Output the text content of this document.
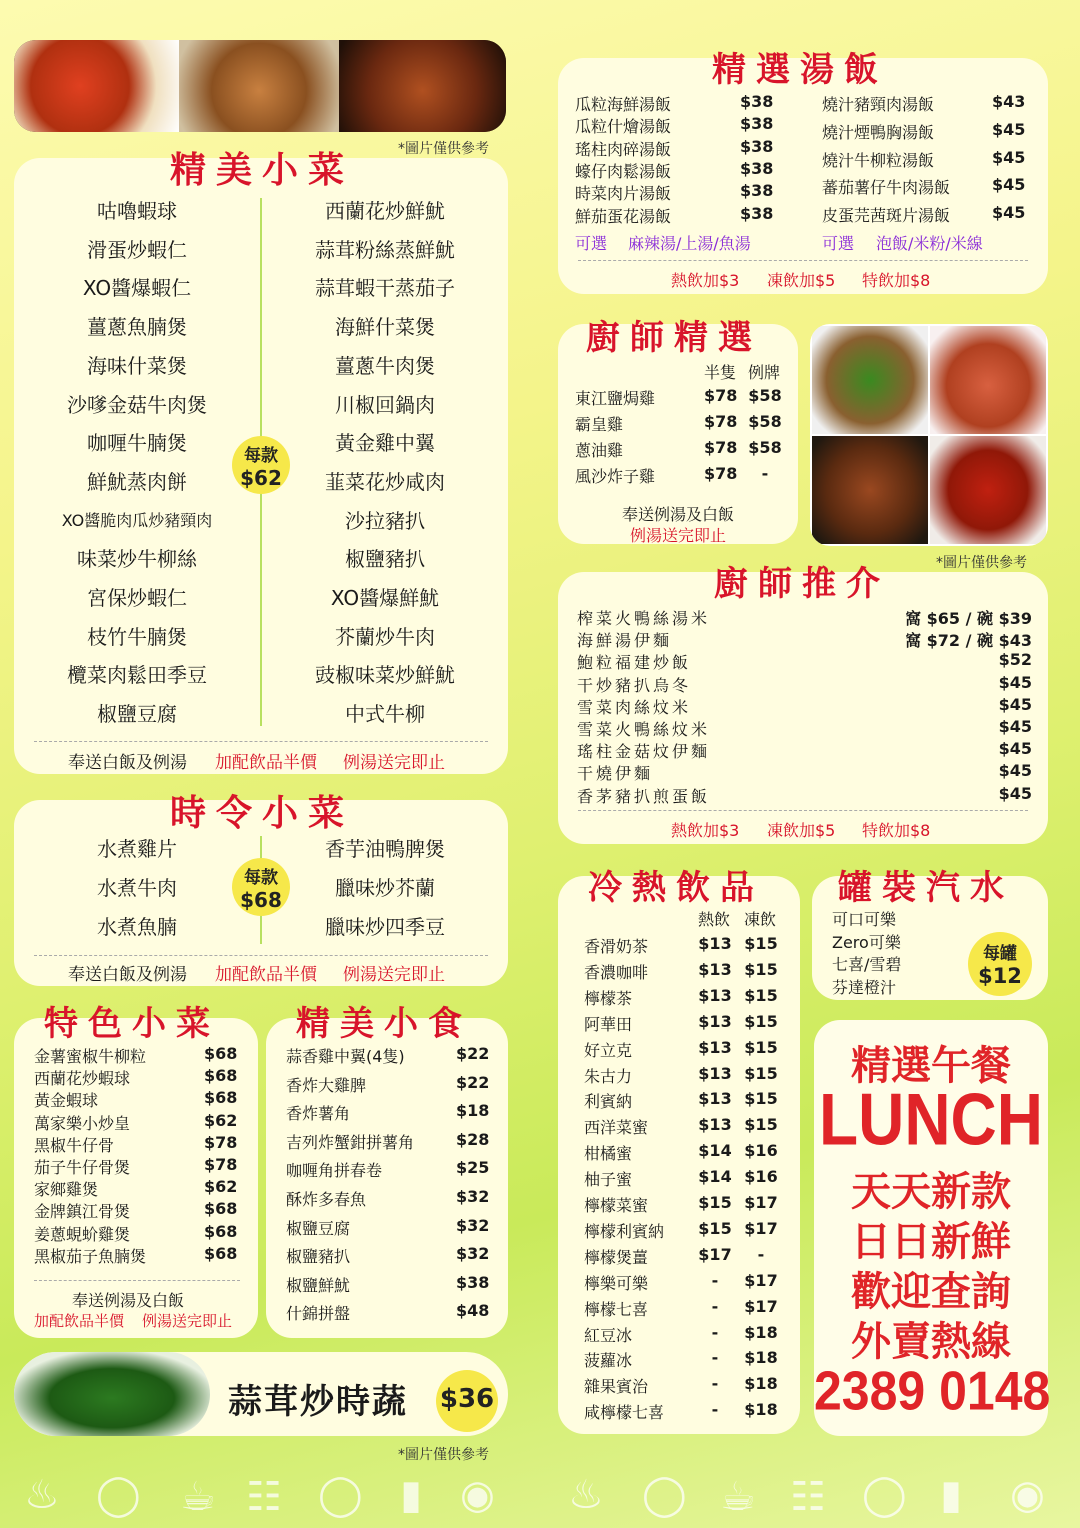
*圖片僅供參考
精美小菜
咕嚕蝦球
滑蛋炒蝦仁
XO醬爆蝦仁
薑蔥魚腩煲
海味什菜煲
沙嗲金菇牛肉煲
咖喱牛腩煲
鮮魷蒸肉餅
XO醬脆肉瓜炒豬頸肉
味菜炒牛柳絲
宮保炒蝦仁
枝竹牛腩煲
欖菜肉鬆田季豆
椒鹽豆腐
西蘭花炒鮮魷
蒜茸粉絲蒸鮮魷
蒜茸蝦干蒸茄子
海鮮什菜煲
薑蔥牛肉煲
川椒回鍋肉
黃金雞中翼
韮菜花炒咸肉
沙拉豬扒
椒鹽豬扒
XO醬爆鮮魷
芥蘭炒牛肉
豉椒味菜炒鮮魷
中式牛柳
每款
$62
奉送白飯及例湯 加配飲品半價 例湯送完即止
時令小菜
水煮雞片
水煮牛肉
水煮魚腩
香芋油鴨脾煲
臘味炒芥蘭
臘味炒四季豆
每款
$68
奉送白飯及例湯 加配飲品半價 例湯送完即止
特色小菜
金薯蜜椒牛柳粒	$68
西蘭花炒蝦球	$68
黃金蝦球	$68
萬家樂小炒皇	$62
黑椒牛仔骨	$78
茄子牛仔骨煲	$78
家鄉雞煲	$62
金牌鎮江骨煲	$68
姜蔥蜆蚧雞煲	$68
黑椒茄子魚腩煲	$68
奉送例湯及白飯
加配飲品半價 例湯送完即止
精美小食
蒜香雞中翼(4隻)	$22
香炸大雞脾	$22
香炸薯角	$18
吉列炸蟹鉗拼薯角	$28
咖喱角拼春卷	$25
酥炸多春魚	$32
椒鹽豆腐	$32
椒鹽豬扒	$32
椒鹽鮮魷	$38
什錦拼盤	$48
蒜茸炒時蔬 $36
*圖片僅供參考
精選湯飯
瓜粒海鮮湯飯	$38
瓜粒什燴湯飯	$38
瑤柱肉碎湯飯	$38
蠔仔肉鬆湯飯	$38
時菜肉片湯飯	$38
鮮茄蛋花湯飯	$38
燒汁豬頸肉湯飯	$43
燒汁煙鴨胸湯飯	$45
燒汁牛柳粒湯飯	$45
蕃茄薯仔牛肉湯飯	$45
皮蛋芫茜斑片湯飯	$45
可選 麻辣湯/上湯/魚湯	可選 泡飯/米粉/米線
熱飲加$3 凍飲加$5 特飲加$8
廚師精選
半隻 例牌
東江鹽焗雞	$78 $58
霸皇雞	$78 $58
蔥油雞	$78 $58
風沙炸子雞	$78	-
奉送例湯及白飯
例湯送完即止
*圖片僅供參考
廚師推介
榨菜火鴨絲湯米	窩 $65 / 碗 $39
海鮮湯伊麵	窩 $72 / 碗 $43
鮑粒福建炒飯	$52
干炒豬扒烏冬	$45
雪菜肉絲炆米	$45
雪菜火鴨絲炆米	$45
瑤柱金菇炆伊麵	$45
干燒伊麵	$45
香茅豬扒煎蛋飯	$45
熱飲加$3 凍飲加$5 特飲加$8
冷熱飲品
熱飲 凍飲
香滑奶茶	$13 $15
香濃咖啡	$13 $15
檸檬茶	$13 $15
阿華田	$13 $15
好立克	$13 $15
朱古力	$13 $15
利賓納	$13 $15
西洋菜蜜	$13 $15
柑橘蜜	$14 $16
柚子蜜	$14 $16
檸檬菜蜜	$15 $17
檸檬利賓納 $15 $17
檸檬煲薑	$17	-
檸樂可樂	-	$17
檸檬七喜	-	$17
紅豆冰	-	$18
菠蘿冰	-	$18
雜果賓治	-	$18
咸檸檬七喜	-	$18
罐裝汽水
可口可樂
Zero可樂
七喜/雪碧
芬達橙汁
每罐
$12
精選午餐
LUNCH
天天新款
日日新鮮
歡迎查詢
外賣熱線
2389 0148
♨ ◯ ☕ ☷ ◯ ▮ ◉ ♨ ◯ ☕ ☷ ◯ ▮ ◉
